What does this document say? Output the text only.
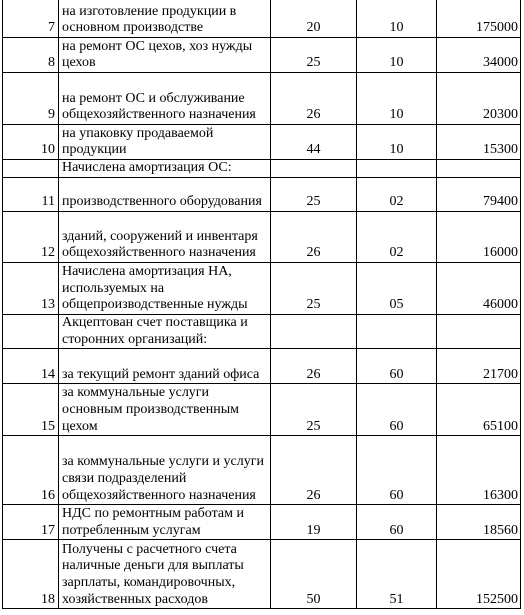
7	на изготовление продукции в основном производстве	20	10	175000
8	на ремонт ОС цехов, хоз нужды цехов	25	10	34000
9	на ремонт ОС и обслуживание общехозяйственного назначения	26	10	20300
10	на упаковку продаваемой продукции	44	10	15300
	Начислена амортизация ОС:			
11	производственного оборудования	25	02	79400
12	зданий, сооружений и инвентаря общехозяйственного назначения	26	02	16000
13	Начислена амортизация НА, используемых на общепроизводственные нужды	25	05	46000
	Акцептован счет поставщика и сторонних организаций:			
14	за текущий ремонт зданий офиса	26	60	21700
15	за коммунальные услуги основным производственным цехом	25	60	65100
16	за коммунальные услуги и услуги связи подразделений общехозяйственного назначения	26	60	16300
17	НДС по ремонтным работам и потребленным услугам	19	60	18560
18	Получены с расчетного счета наличные деньги для выплаты зарплаты, командировочных, хозяйственных расходов	50	51	152500
